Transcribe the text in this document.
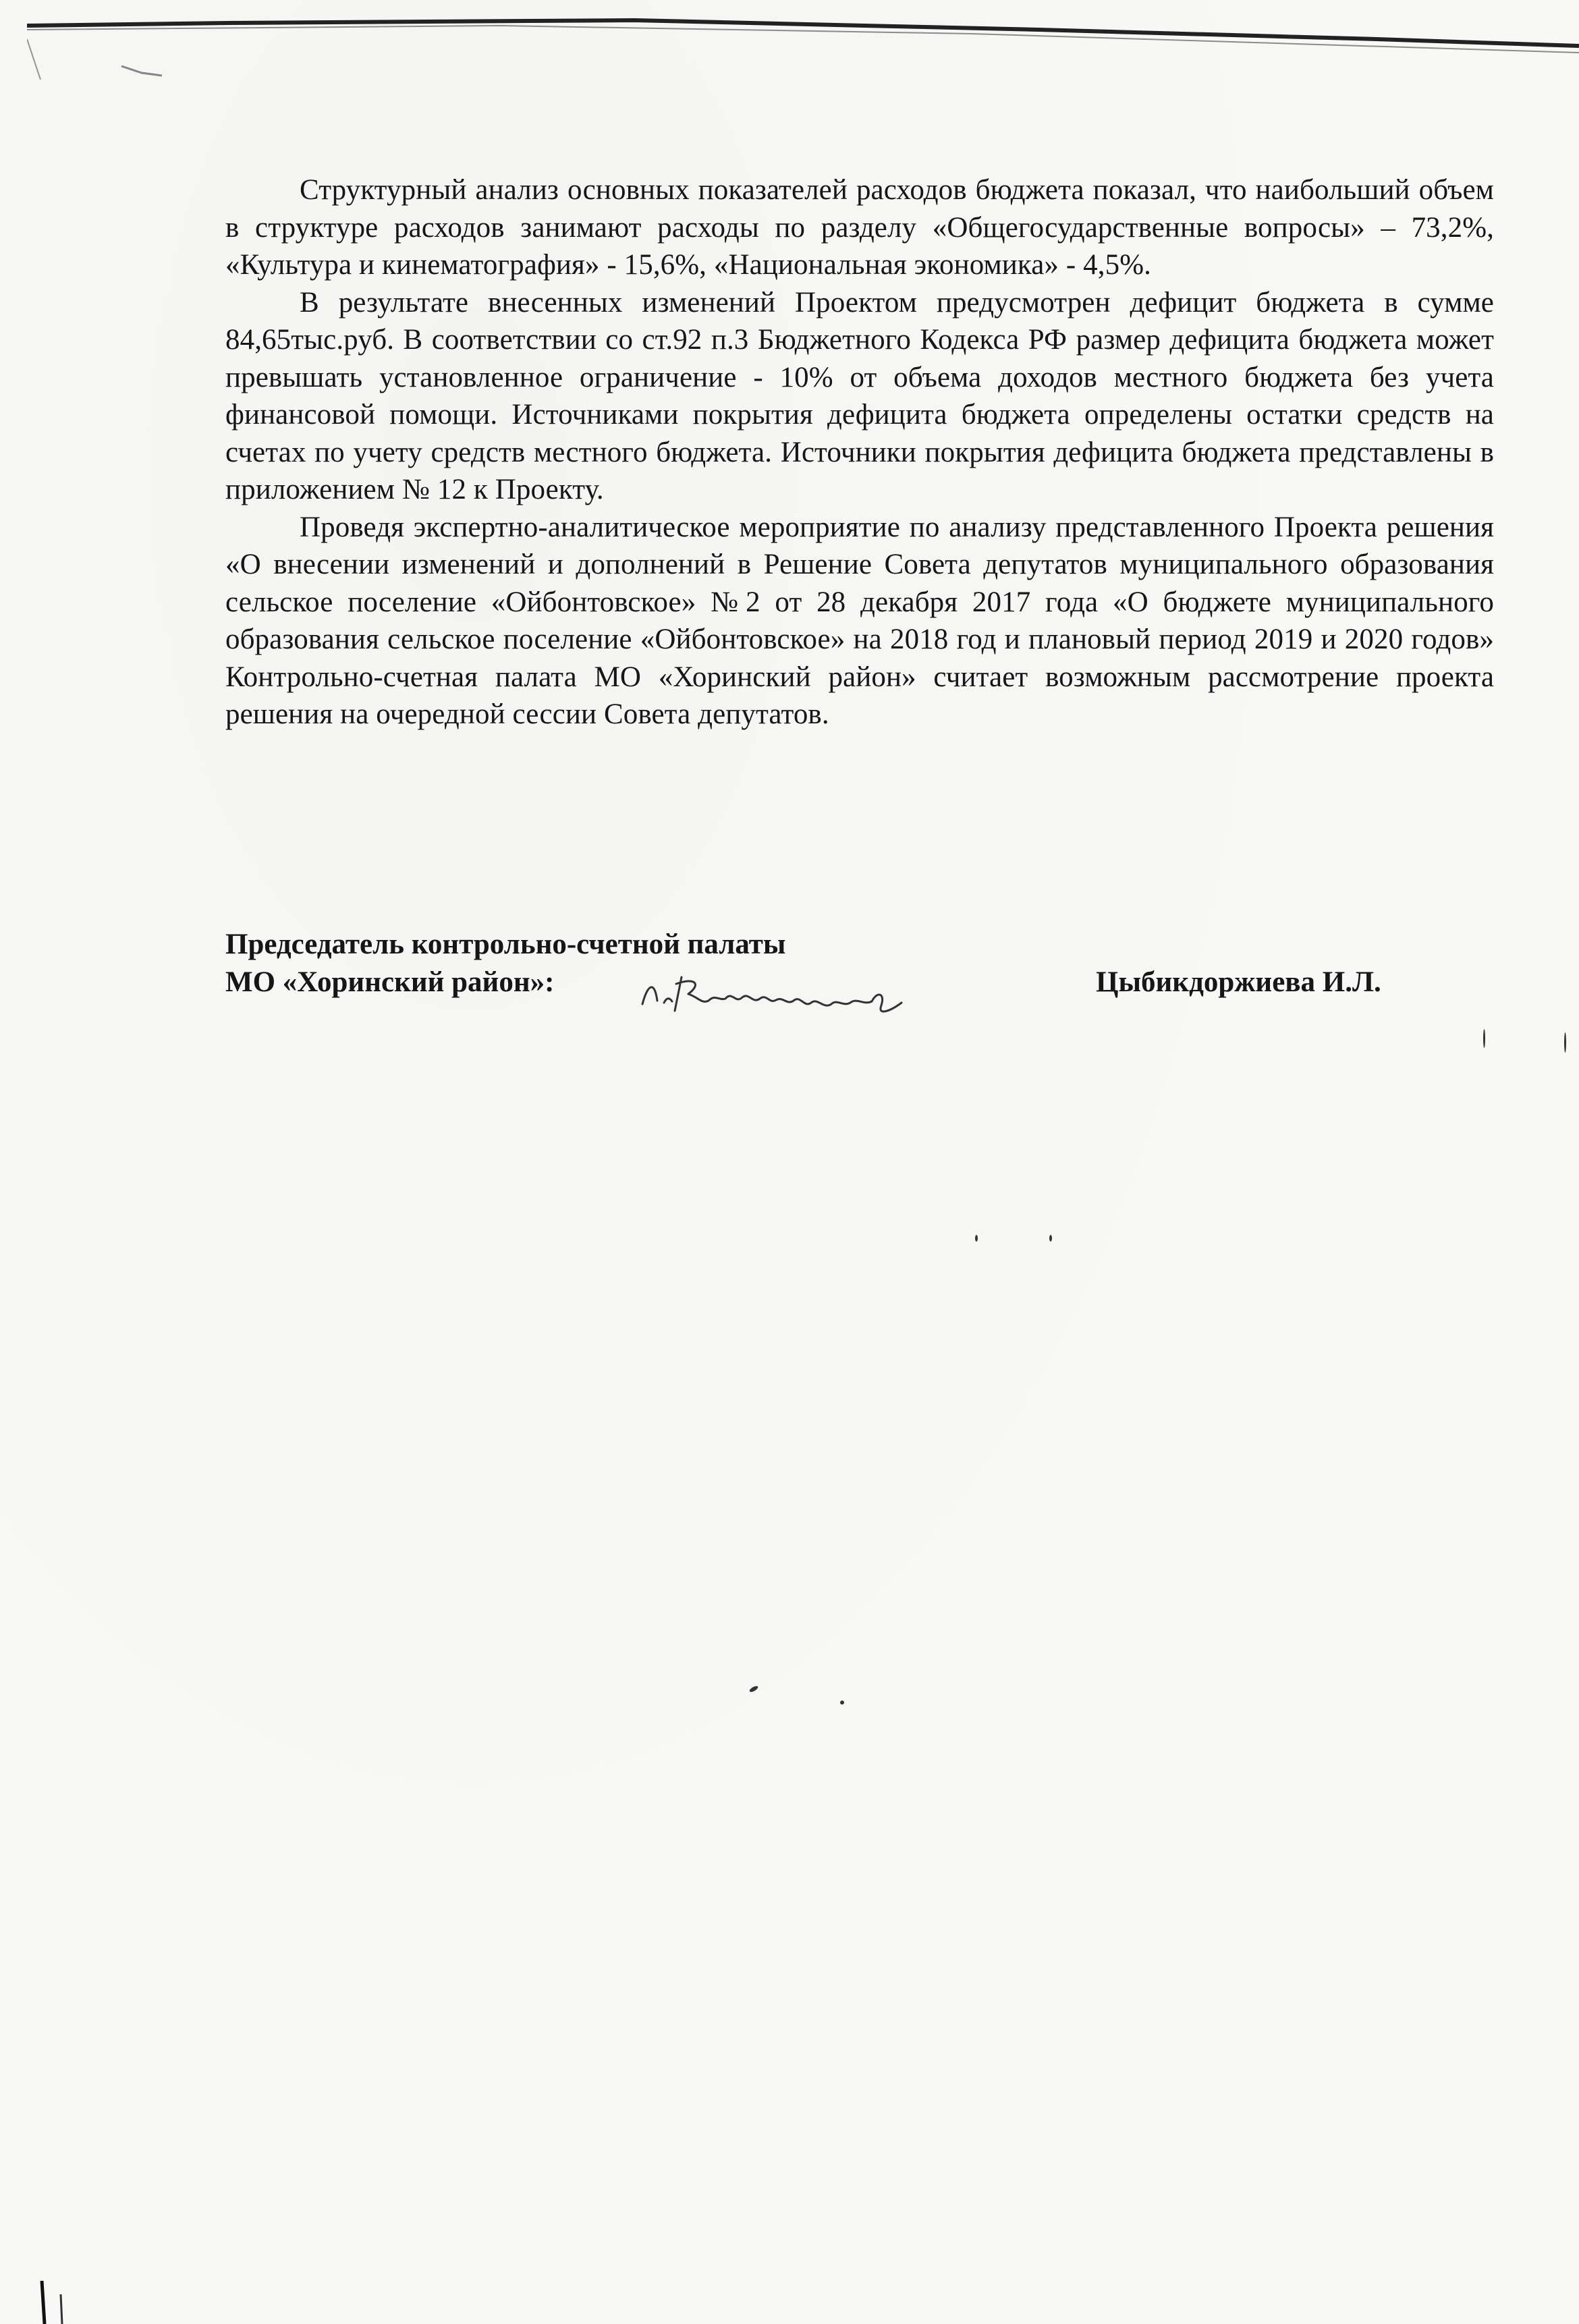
Структурный анализ основных показателей расходов бюджета показал, что наибольший объем в структуре расходов занимают расходы по разделу «Общегосударственные вопросы» – 73,2%, «Культура и кинематография» - 15,6%, «Национальная экономика» - 4,5%.

В результате внесенных изменений Проектом предусмотрен дефицит бюджета в сумме 84,65тыс.руб. В соответствии со ст.92 п.3 Бюджетного Кодекса РФ размер дефицита бюджета может превышать установленное ограничение - 10% от объема доходов местного бюджета без учета финансовой помощи. Источниками покрытия дефицита бюджета определены остатки средств на счетах по учету средств местного бюджета. Источники покрытия дефицита бюджета представлены в приложением № 12 к Проекту.

Проведя экспертно-аналитическое мероприятие по анализу представленного Проекта решения «О внесении изменений и дополнений в Решение Совета депутатов муниципального образования сельское поселение «Ойбонтовское» №2 от 28 декабря 2017 года «О бюджете муниципального образования сельское поселение «Ойбонтовское» на 2018 год и плановый период 2019 и 2020 годов» Контрольно-счетная палата МО «Хоринский район» считает возможным рассмотрение проекта решения на очередной сессии Совета депутатов.

Председатель контрольно-счетной палаты
МО «Хоринский район»:	Цыбикдоржиева И.Л.
